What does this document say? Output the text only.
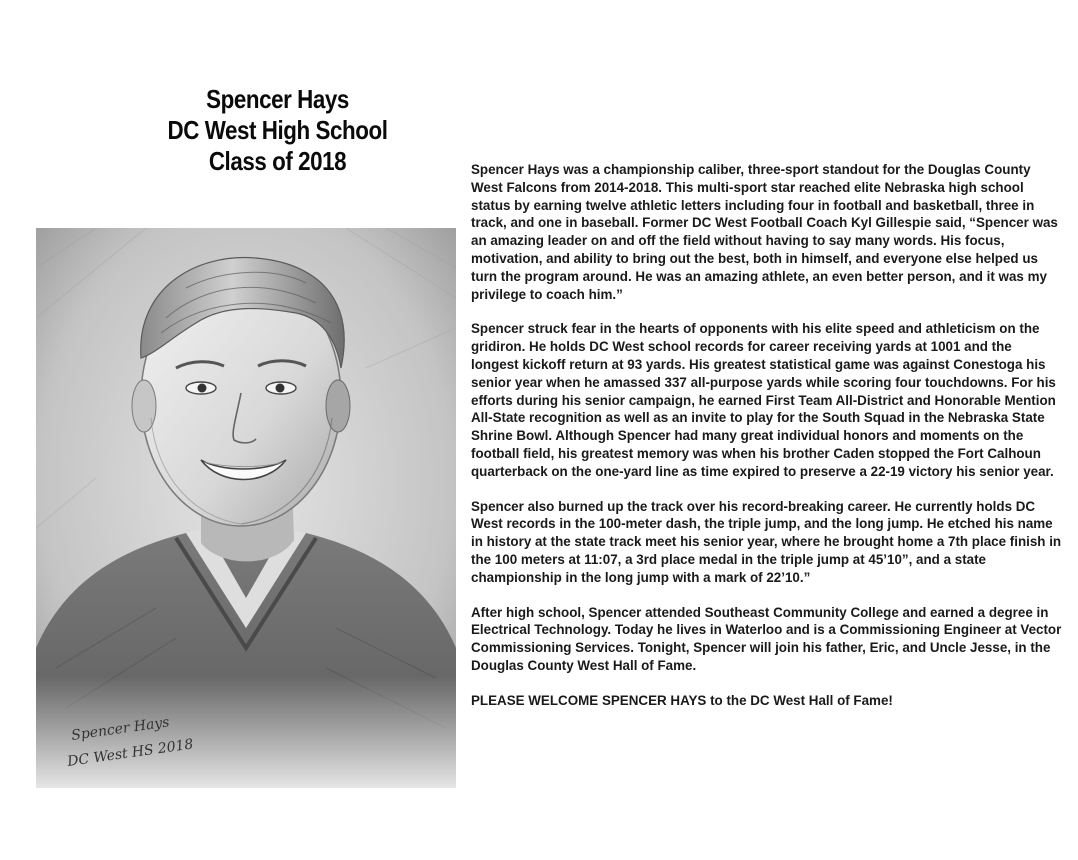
Spencer Hays
DC West High School
Class of 2018
Spencer Hays
DC West HS 2018

Spencer Hays was a championship caliber, three-sport standout for the Douglas County West Falcons from 2014-2018. This multi-sport star reached elite Nebraska high school status by earning twelve athletic letters including four in football and basketball, three in track, and one in baseball. Former DC West Football Coach Kyl Gillespie said, “Spencer was an amazing leader on and off the field without having to say many words. His focus, motivation, and ability to bring out the best, both in himself, and everyone else helped us turn the program around. He was an amazing athlete, an even better person, and it was my privilege to coach him.”

Spencer struck fear in the hearts of opponents with his elite speed and athleticism on the gridiron. He holds DC West school records for career receiving yards at 1001 and the longest kickoff return at 93 yards. His greatest statistical game was against Conestoga his senior year when he amassed 337 all-purpose yards while scoring four touchdowns. For his efforts during his senior campaign, he earned First Team All-District and Honorable Mention All-State recognition as well as an invite to play for the South Squad in the Nebraska State Shrine Bowl. Although Spencer had many great individual honors and moments on the football field, his greatest memory was when his brother Caden stopped the Fort Calhoun quarterback on the one-yard line as time expired to preserve a 22-19 victory his senior year.

Spencer also burned up the track over his record-breaking career. He currently holds DC West records in the 100-meter dash, the triple jump, and the long jump. He etched his name in history at the state track meet his senior year, where he brought home a 7th place finish in the 100 meters at 11:07, a 3rd place medal in the triple jump at 45’10”, and a state championship in the long jump with a mark of 22’10.”

After high school, Spencer attended Southeast Community College and earned a degree in Electrical Technology. Today he lives in Waterloo and is a Commissioning Engineer at Vector Commissioning Services. Tonight, Spencer will join his father, Eric, and Uncle Jesse, in the Douglas County West Hall of Fame.

PLEASE WELCOME SPENCER HAYS to the DC West Hall of Fame!
